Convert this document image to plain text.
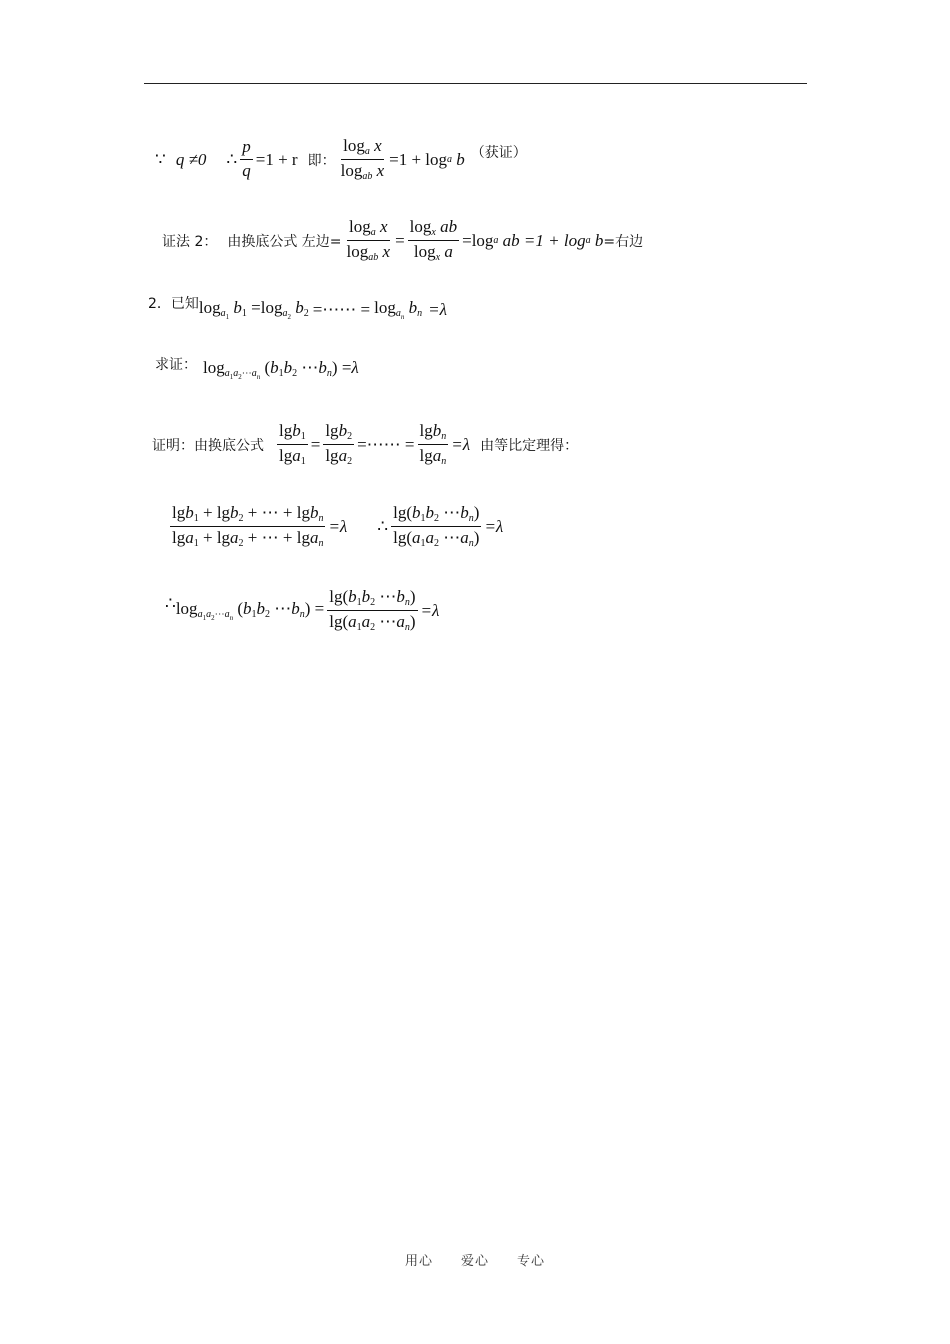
∵ q ≠0 ∴ $\frac{p}{q} =1 + r$ 即： $\frac{\log_a x}{\log_{ab} x} =1 + \log a$
b （获证）
证法 2： 由换底公式 左边= $\frac{\log_a x}{\log_{ab} x} = \frac{\log_x ab}{\log_x a} =\log$ a
ab =1 + log a
b =右边
2．已知 $\log_{a_1} b_1 =\log_{a_2}$ $b_2$ =⋯⋯ = $\log_{a_n} b_n =\lambda$
求证： $\log_{a_1a_2\cdots a_n} (b_1b_2$ $\cdots b_n) =\lambda$
证明：由换底公式 $\frac{\lg b_1}{\lg a_1} = \frac{\lg b_2}{\lg a_2}$ =⋯⋯ = $\frac{\lg b_n}{\lg a_n} =\lambda$ 由等比定理得：
$\frac{\lg b_1 + \lg b_2 + \cdots + \lg b_n}{\lg a_1 + \lg a_2 + \cdots + \lg a_n} =\lambda$ ∴ $\frac{\lg(b_1b_2 \cdots b_n)}{\lg(a_1a_2 \cdots a_n)} =\lambda$
∴ $\log_{a_1a_2\cdots a_n} (b_1b_2$ $\cdots b_n) = \frac{\lg(b_1b_2 \cdots b_n)}{\lg(a_1a_2 \cdots a_n)} =\lambda$
用心　　爱心　　专心
